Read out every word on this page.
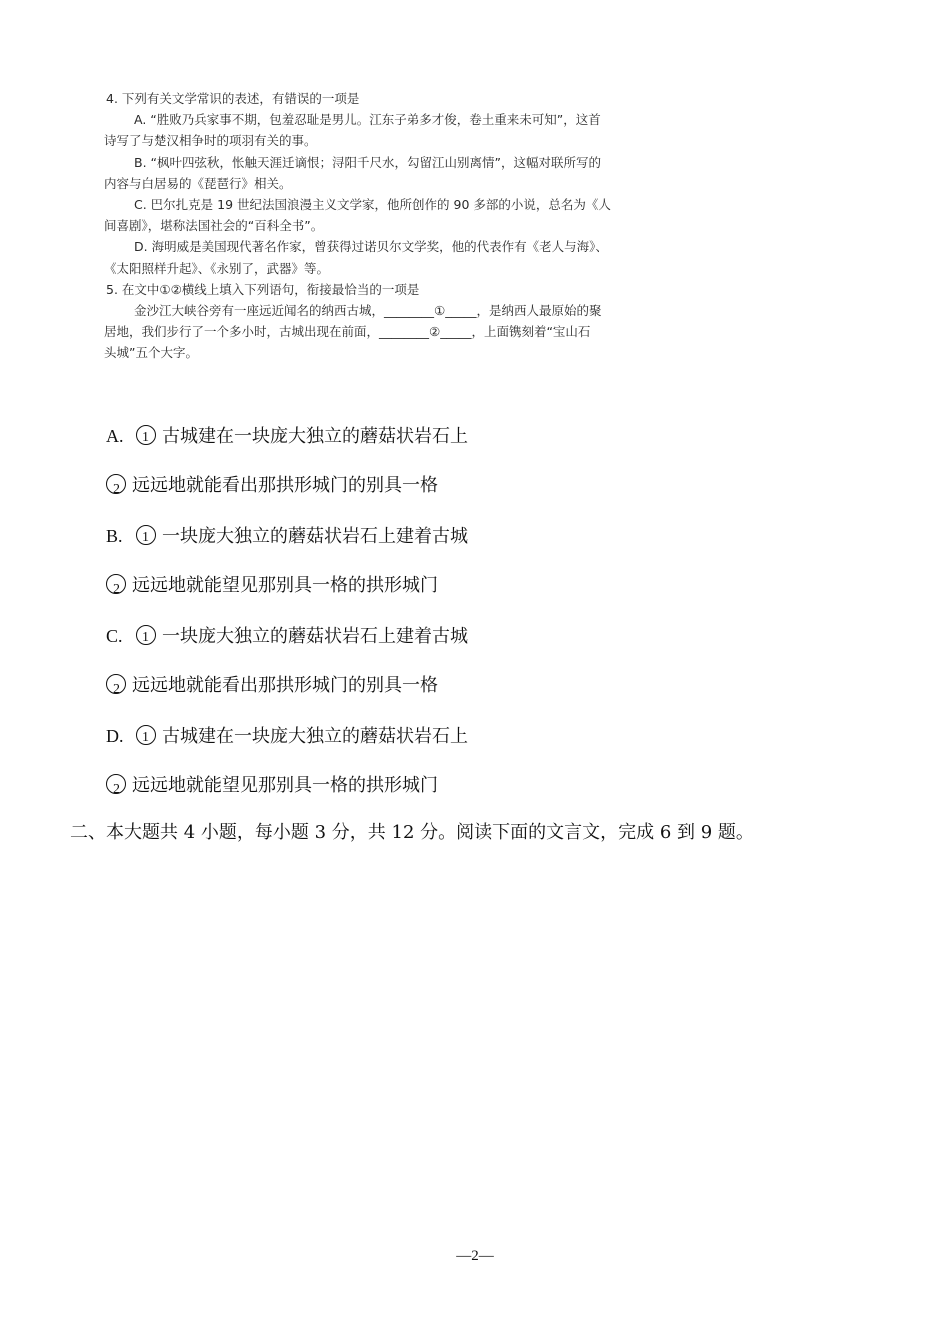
4. 下列有关文学常识的表述，有错误的一项是
A. “胜败乃兵家事不期，包羞忍耻是男儿。江东子弟多才俊，卷土重来未可知”，这首
诗写了与楚汉相争时的项羽有关的事。
B. “枫叶四弦秋，怅触天涯迁谪恨；浔阳千尺水，勾留江山别离情”，这幅对联所写的
内容与白居易的《琵琶行》相关。
C. 巴尔扎克是 19 世纪法国浪漫主义文学家，他所创作的 90 多部的小说，总名为《人
间喜剧》，堪称法国社会的“百科全书”。
D. 海明威是美国现代著名作家，曾获得过诺贝尔文学奖，他的代表作有《老人与海》、
《太阳照样升起》、《永别了，武器》等。
5. 在文中①②横线上填入下列语句，衔接最恰当的一项是
金沙江大峡谷旁有一座远近闻名的纳西古城，________①_____，是纳西人最原始的聚
居地，我们步行了一个多小时，古城出现在前面，________②_____，上面镌刻着“宝山石
头城”五个大字。
A. 1 古城建在一块庞大独立的蘑菇状岩石上
2 远远地就能看出那拱形城门的别具一格
B. 1 一块庞大独立的蘑菇状岩石上建着古城
2 远远地就能望见那别具一格的拱形城门
C. 1 一块庞大独立的蘑菇状岩石上建着古城
2 远远地就能看出那拱形城门的别具一格
D. 1 古城建在一块庞大独立的蘑菇状岩石上
2 远远地就能望见那别具一格的拱形城门
二、本大题共 4 小题，每小题 3 分，共 12 分。阅读下面的文言文，完成 6 到 9 题。
—2—
